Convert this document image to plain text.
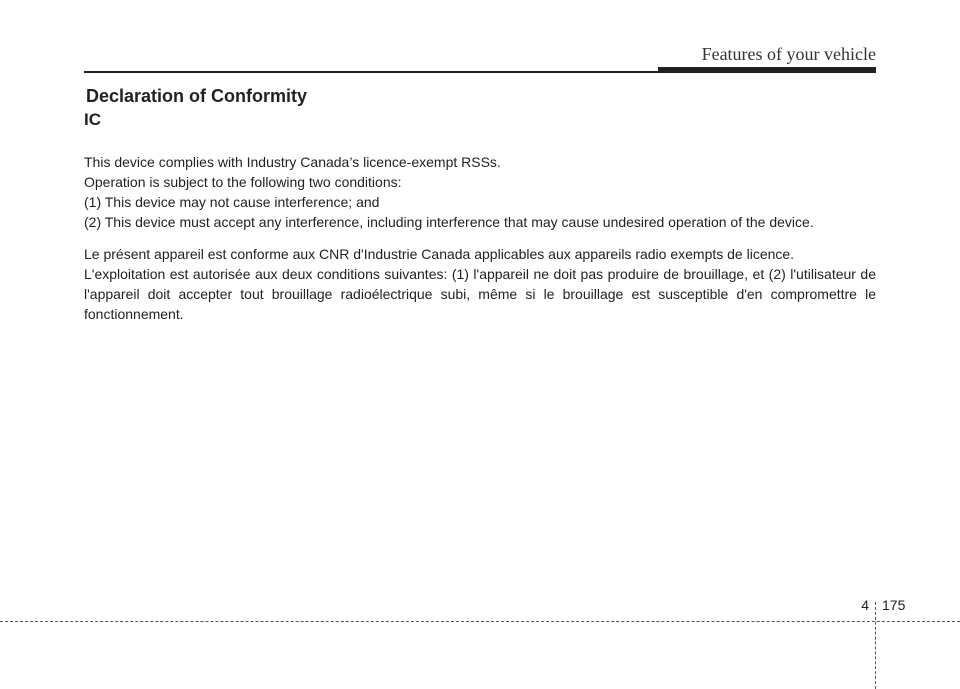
Features of your vehicle
Declaration of Conformity
IC

This device complies with Industry Canada’s licence-exempt RSSs.

Operation is subject to the following two conditions:

(1) This device may not cause interference; and

(2) This device must accept any interference, including interference that may cause undesired operation of the device.

Le présent appareil est conforme aux CNR d'Industrie Canada applicables aux appareils radio exempts de licence.

L'exploitation est autorisée aux deux conditions suivantes: (1) l'appareil ne doit pas produire de brouillage, et (2) l'utilisateur de l'appareil doit accepter tout brouillage radioélectrique subi, même si le brouillage est susceptible d'en compromettre le fonctionnement.

4 175
